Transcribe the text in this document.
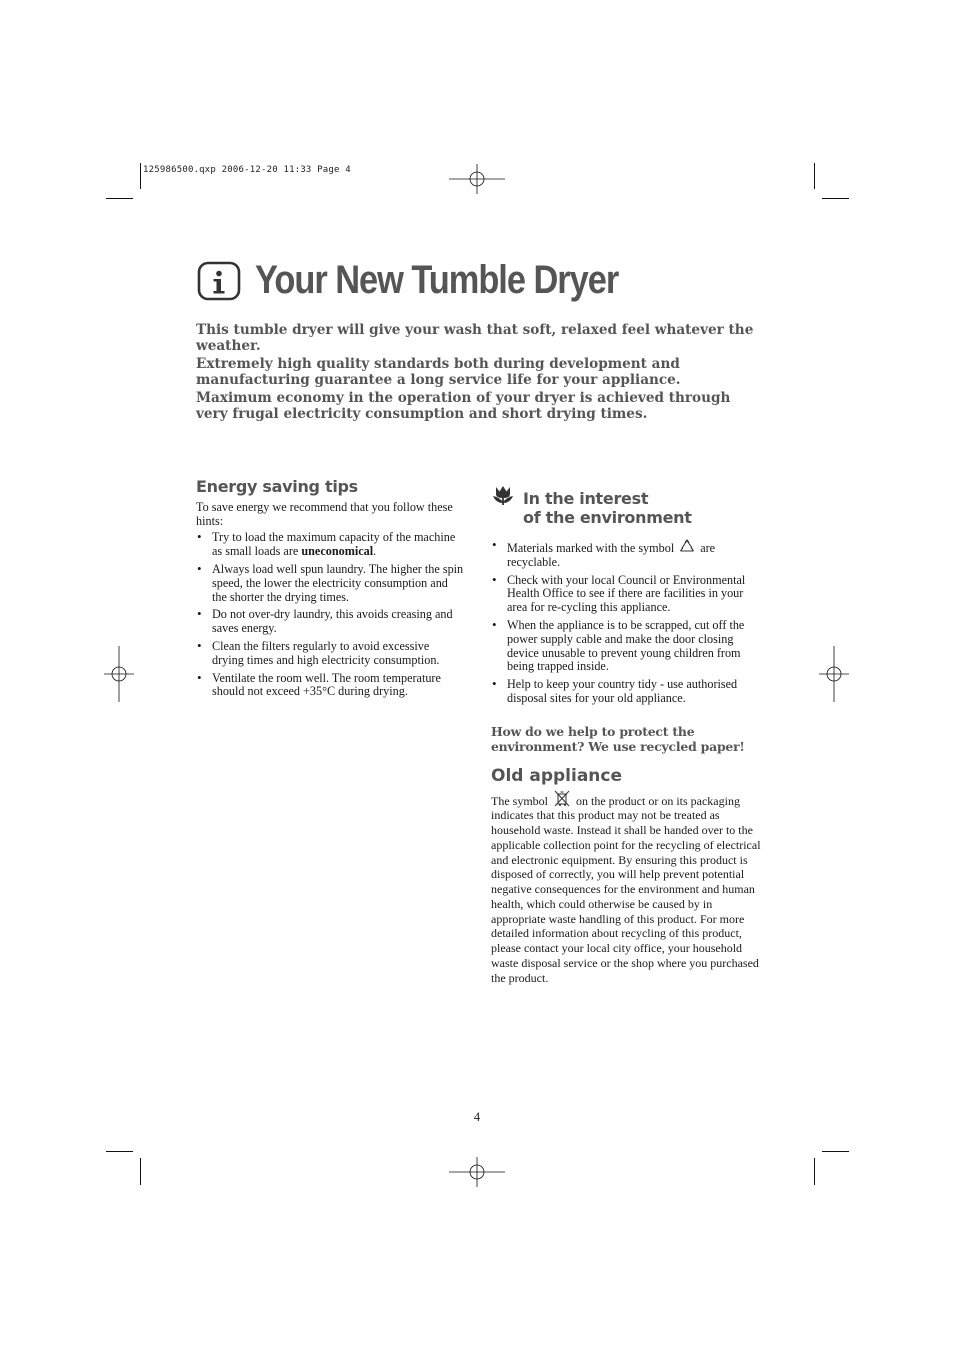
125986500.qxp 2006-12-20 11:33 Page 4
Your New Tumble Dryer

This tumble dryer will give your wash that soft, relaxed feel whatever the weather.

Extremely high quality standards both during development and manufacturing guarantee a long service life for your appliance.

Maximum economy in the operation of your dryer is achieved through very frugal electricity consumption and short drying times.

Energy saving tips
To save energy we recommend that you follow these hints:
• Try to load the maximum capacity of the machine as small loads are uneconomical.
• Always load well spun laundry. The higher the spin speed, the lower the electricity consumption and the shorter the drying times.
• Do not over-dry laundry, this avoids creasing and saves energy.
• Clean the filters regularly to avoid excessive drying times and high electricity consumption.
• Ventilate the room well. The room temperature should not exceed +35°C during drying.
In the interest
of the environment
• Materials marked with the symbol are recyclable.
• Check with your local Council or Environmental Health Office to see if there are facilities in your area for re-cycling this appliance.
• When the appliance is to be scrapped, cut off the power supply cable and make the door closing device unusable to prevent young children from being trapped inside.
• Help to keep your country tidy - use authorised disposal sites for your old appliance.
How do we help to protect the environment? We use recycled paper!
Old appliance
The symbol on the product or on its packaging indicates that this product may not be treated as household waste. Instead it shall be handed over to the applicable collection point for the recycling of electrical and electronic equipment. By ensuring this product is disposed of correctly, you will help prevent potential negative consequences for the environment and human health, which could otherwise be caused by in appropriate waste handling of this product. For more detailed information about recycling of this product, please contact your local city office, your household waste disposal service or the shop where you purchased the product.
4
